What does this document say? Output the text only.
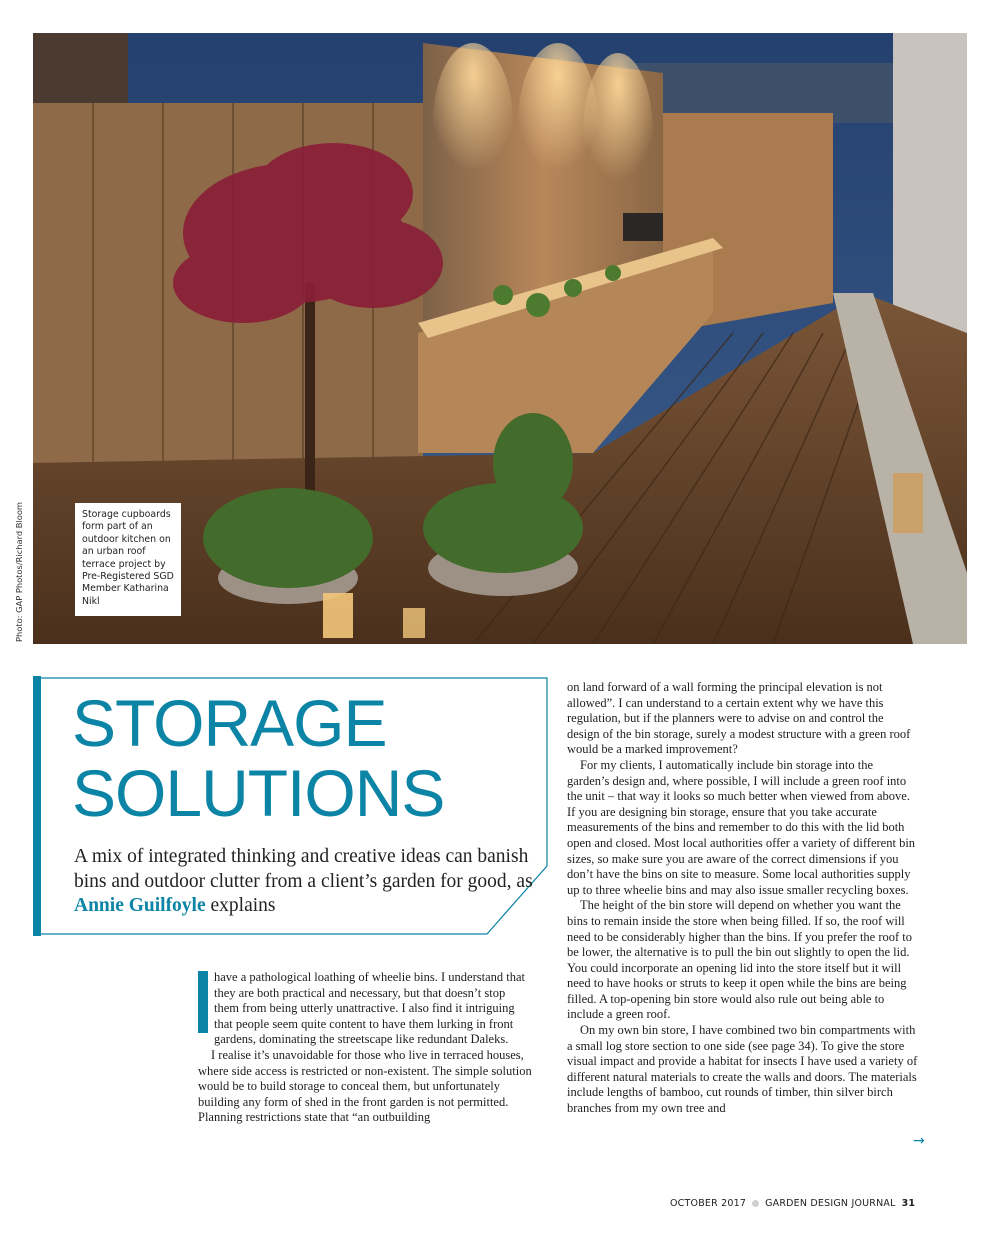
Storage cupboards form part of an outdoor kitchen on an urban roof terrace project by Pre-Registered SGD Member Katharina Nikl
Photo: GAP Photos/Richard Bloom
STORAGE
SOLUTIONS
A mix of integrated thinking and creative ideas can banish bins and outdoor clutter from a client’s garden for good, as Annie Guilfoyle explains

have a pathological loathing of wheelie bins. I understand that they are both practical and necessary, but that doesn’t stop them from being utterly unattractive. I also find it intriguing that people seem quite content to have them lurking in front gardens, dominating the streetscape like redundant Daleks.

I realise it’s unavoidable for those who live in terraced houses, where side access is restricted or non-existent. The simple solution would be to build storage to conceal them, but unfortunately building any form of shed in the front garden is not permitted. Planning restrictions state that “an outbuilding

on land forward of a wall forming the principal elevation is not allowed”. I can understand to a certain extent why we have this regulation, but if the planners were to advise on and control the design of the bin storage, surely a modest structure with a green roof would be a marked improvement?

For my clients, I automatically include bin storage into the garden’s design and, where possible, I will include a green roof into the unit – that way it looks so much better when viewed from above. If you are designing bin storage, ensure that you take accurate measurements of the bins and remember to do this with the lid both open and closed. Most local authorities offer a variety of different bin sizes, so make sure you are aware of the correct dimensions if you don’t have the bins on site to measure. Some local authorities supply up to three wheelie bins and may also issue smaller recycling boxes.

The height of the bin store will depend on whether you want the bins to remain inside the store when being filled. If so, the roof will need to be considerably higher than the bins. If you prefer the roof to be lower, the alternative is to pull the bin out slightly to open the lid. You could incorporate an opening lid into the store itself but it will need to have hooks or struts to keep it open while the bins are being filled. A top-opening bin store would also rule out being able to include a green roof.

On my own bin store, I have combined two bin compartments with a small log store section to one side (see page 34). To give the store visual impact and provide a habitat for insects I have used a variety of different natural materials to create the walls and doors. The materials include lengths of bamboo, cut rounds of timber, thin silver birch branches from my own tree and

→
OCTOBER 2017 GARDEN DESIGN JOURNAL 31
